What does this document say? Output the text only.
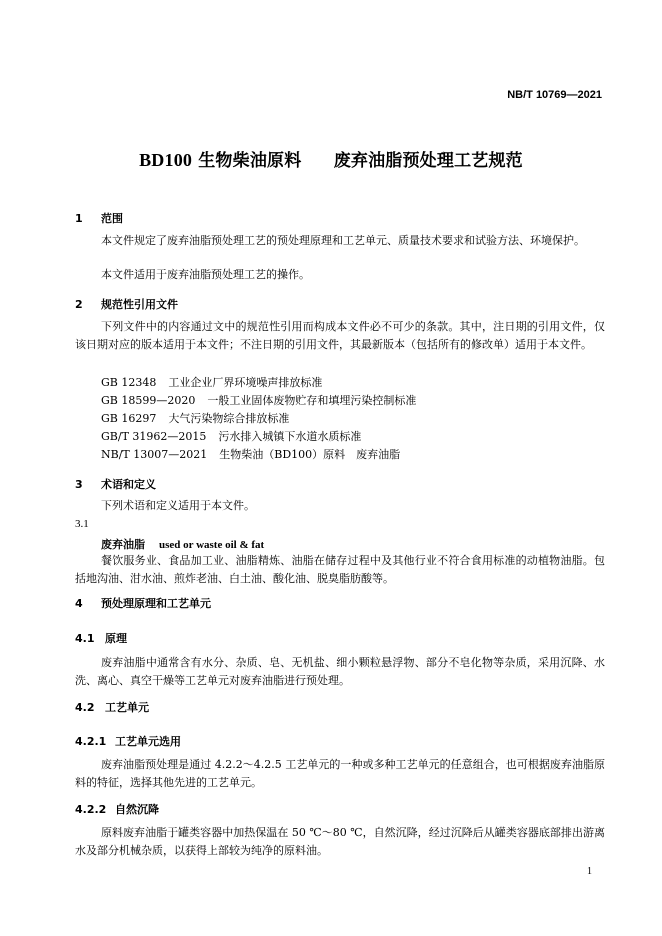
NB/T 10769—2021
BD100 生物柴油原料 废弃油脂预处理工艺规范
1 范围
本文件规定了废弃油脂预处理工艺的预处理原理和工艺单元、质量技术要求和试验方法、环境保护。
本文件适用于废弃油脂预处理工艺的操作。
2 规范性引用文件
下列文件中的内容通过文中的规范性引用而构成本文件必不可少的条款。其中，注日期的引用文件，仅该日期对应的版本适用于本文件；不注日期的引用文件，其最新版本（包括所有的修改单）适用于本文件。
GB 12348 工业企业厂界环境噪声排放标准
GB 18599—2020 一般工业固体废物贮存和填埋污染控制标准
GB 16297 大气污染物综合排放标准
GB/T 31962—2015 污水排入城镇下水道水质标准
NB/T 13007—2021 生物柴油（BD100）原料　废弃油脂
3 术语和定义
下列术语和定义适用于本文件。
3.1
废弃油脂 used or waste oil & fat
餐饮服务业、食品加工业、油脂精炼、油脂在储存过程中及其他行业不符合食用标准的动植物油脂。包括地沟油、泔水油、煎炸老油、白土油、酸化油、脱臭脂肪酸等。
4 预处理原理和工艺单元
4.1 原理
废弃油脂中通常含有水分、杂质、皂、无机盐、细小颗粒悬浮物、部分不皂化物等杂质，采用沉降、水洗、离心、真空干燥等工艺单元对废弃油脂进行预处理。
4.2 工艺单元
4.2.1 工艺单元选用
废弃油脂预处理是通过 4.2.2～4.2.5 工艺单元的一种或多种工艺单元的任意组合，也可根据废弃油脂原料的特征，选择其他先进的工艺单元。
4.2.2 自然沉降
原料废弃油脂于罐类容器中加热保温在 50 ℃～80 ℃，自然沉降，经过沉降后从罐类容器底部排出游离水及部分机械杂质，以获得上部较为纯净的原料油。
1
